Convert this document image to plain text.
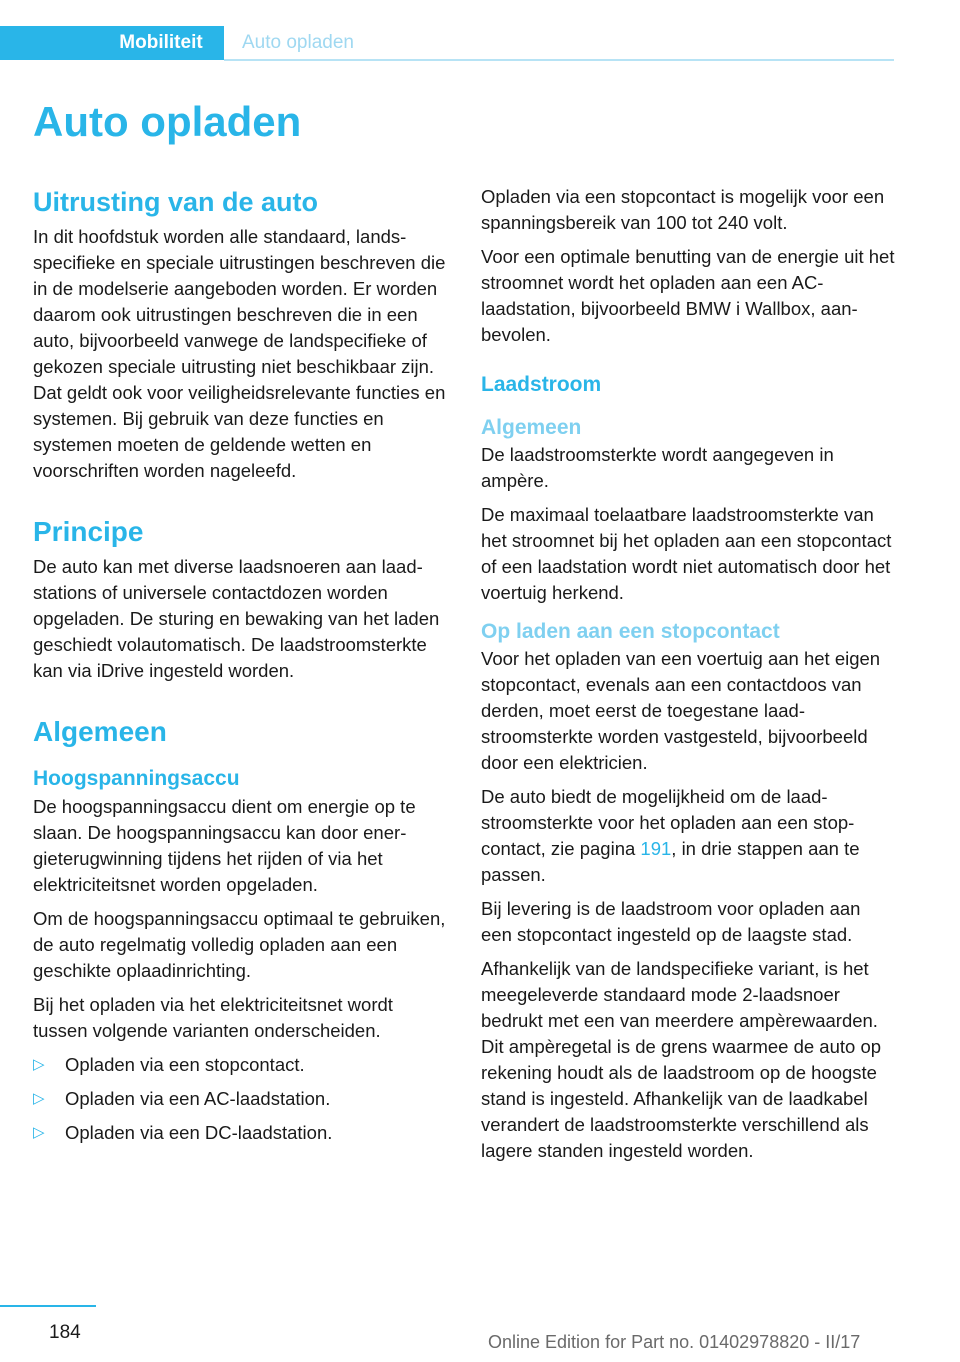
Mobiliteit	Auto opladen
Auto opladen
Uitrusting van de auto

In dit hoofdstuk worden alle standaard, landsspecifieke en speciale uitrustingen beschreven die in de modelserie aangeboden worden. Er worden daarom ook uitrustingen beschreven die in een auto, bijvoorbeeld vanwege de landspecifieke of gekozen speciale uitrusting niet beschikbaar zijn. Dat geldt ook voor veiligheidsrelevante functies en systemen. Bij gebruik van deze functies en systemen moeten de geldende wetten en voorschriften worden nageleefd.

Principe

De auto kan met diverse laadsnoeren aan laadstations of universele contactdozen worden opgeladen. De sturing en bewaking van het laden geschiedt volautomatisch. De laadstroomsterkte kan via iDrive ingesteld worden.

Algemeen
Hoogspanningsaccu

De hoogspanningsaccu dient om energie op te slaan. De hoogspanningsaccu kan door energieterugwinning tijdens het rijden of via het elektriciteitsnet worden opgeladen.

Om de hoogspanningsaccu optimaal te gebruiken, de auto regelmatig volledig opladen aan een geschikte oplaadinrichting.

Bij het opladen via het elektriciteitsnet wordt tussen volgende varianten onderscheiden.

▷ Opladen via een stopcontact.
▷ Opladen via een AC-laadstation.
▷ Opladen via een DC-laadstation.

Opladen via een stopcontact is mogelijk voor een spanningsbereik van 100 tot 240 volt.

Voor een optimale benutting van de energie uit het stroomnet wordt het opladen aan een AC-laadstation, bijvoorbeeld BMW i Wallbox, aanbevolen.

Laadstroom
Algemeen

De laadstroomsterkte wordt aangegeven in ampère.

De maximaal toelaatbare laadstroomsterkte van het stroomnet bij het opladen aan een stopcontact of een laadstation wordt niet automatisch door het voertuig herkend.

Op laden aan een stopcontact

Voor het opladen van een voertuig aan het eigen stopcontact, evenals aan een contactdoos van derden, moet eerst de toegestane laadstroomsterkte worden vastgesteld, bijvoorbeeld door een elektricien.

De auto biedt de mogelijkheid om de laadstroomsterkte voor het opladen aan een stopcontact, zie pagina 191, in drie stappen aan te passen.

Bij levering is de laadstroom voor opladen aan een stopcontact ingesteld op de laagste stad.

Afhankelijk van de landspecifieke variant, is het meegeleverde standaard mode 2-laadsnoer bedrukt met een van meerdere ampèrewaarden. Dit ampèregetal is de grens waarmee de auto op rekening houdt als de laadstroom op de hoogste stand is ingesteld. Afhankelijk van de laadkabel verandert de laadstroomsterkte verschillend als lagere standen ingesteld worden.

184	Online Edition for Part no. 01402978820 - II/17
